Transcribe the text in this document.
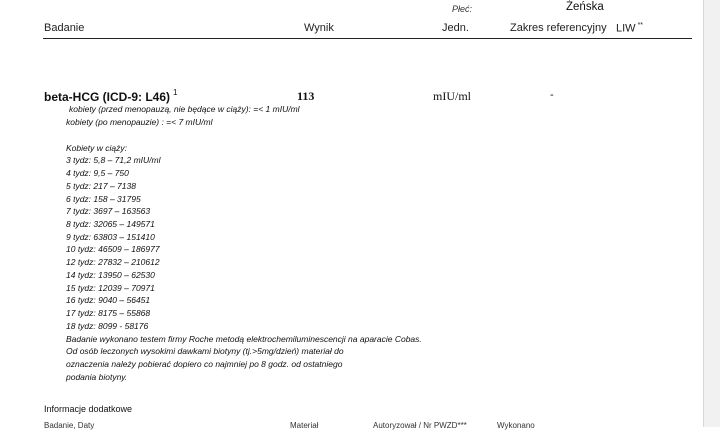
Płeć:	Żeńska
Badanie	Wynik	Jedn.	Zakres referencyjny LIW **
beta-HCG (ICD-9: L46) $^1$	113	mIU/ml	-
kobiety (przed menopauzą, nie będące w ciąży): =< 1 mIU/ml
kobiety (po menopauzie) : =< 7 mIU/ml
Kobiety w ciąży:
3 tydz: 5,8 – 71,2 mIU/ml
4 tydz: 9,5 – 750
5 tydz: 217 – 7138
6 tydz: 158 – 31795
7 tydz: 3697 – 163563
8 tydz: 32065 – 149571
9 tydz: 63803 – 151410
10 tydz: 46509 – 186977
12 tydz: 27832 – 210612
14 tydz: 13950 – 62530
15 tydz: 12039 – 70971
16 tydz: 9040 – 56451
17 tydz: 8175 – 55868
18 tydz: 8099 - 58176
Badanie wykonano testem firmy Roche metodą elektrochemiluminescencji na aparacie Cobas.
Od osób leczonych wysokimi dawkami biotyny (tj.>5mg/dzień) materiał do
oznaczenia należy pobierać dopiero co najmniej po 8 godz. od ostatniego
podania biotyny.
Informacje dodatkowe
Badanie, Daty	Materiał	Autoryzował / Nr PWZD***	Wykonano
